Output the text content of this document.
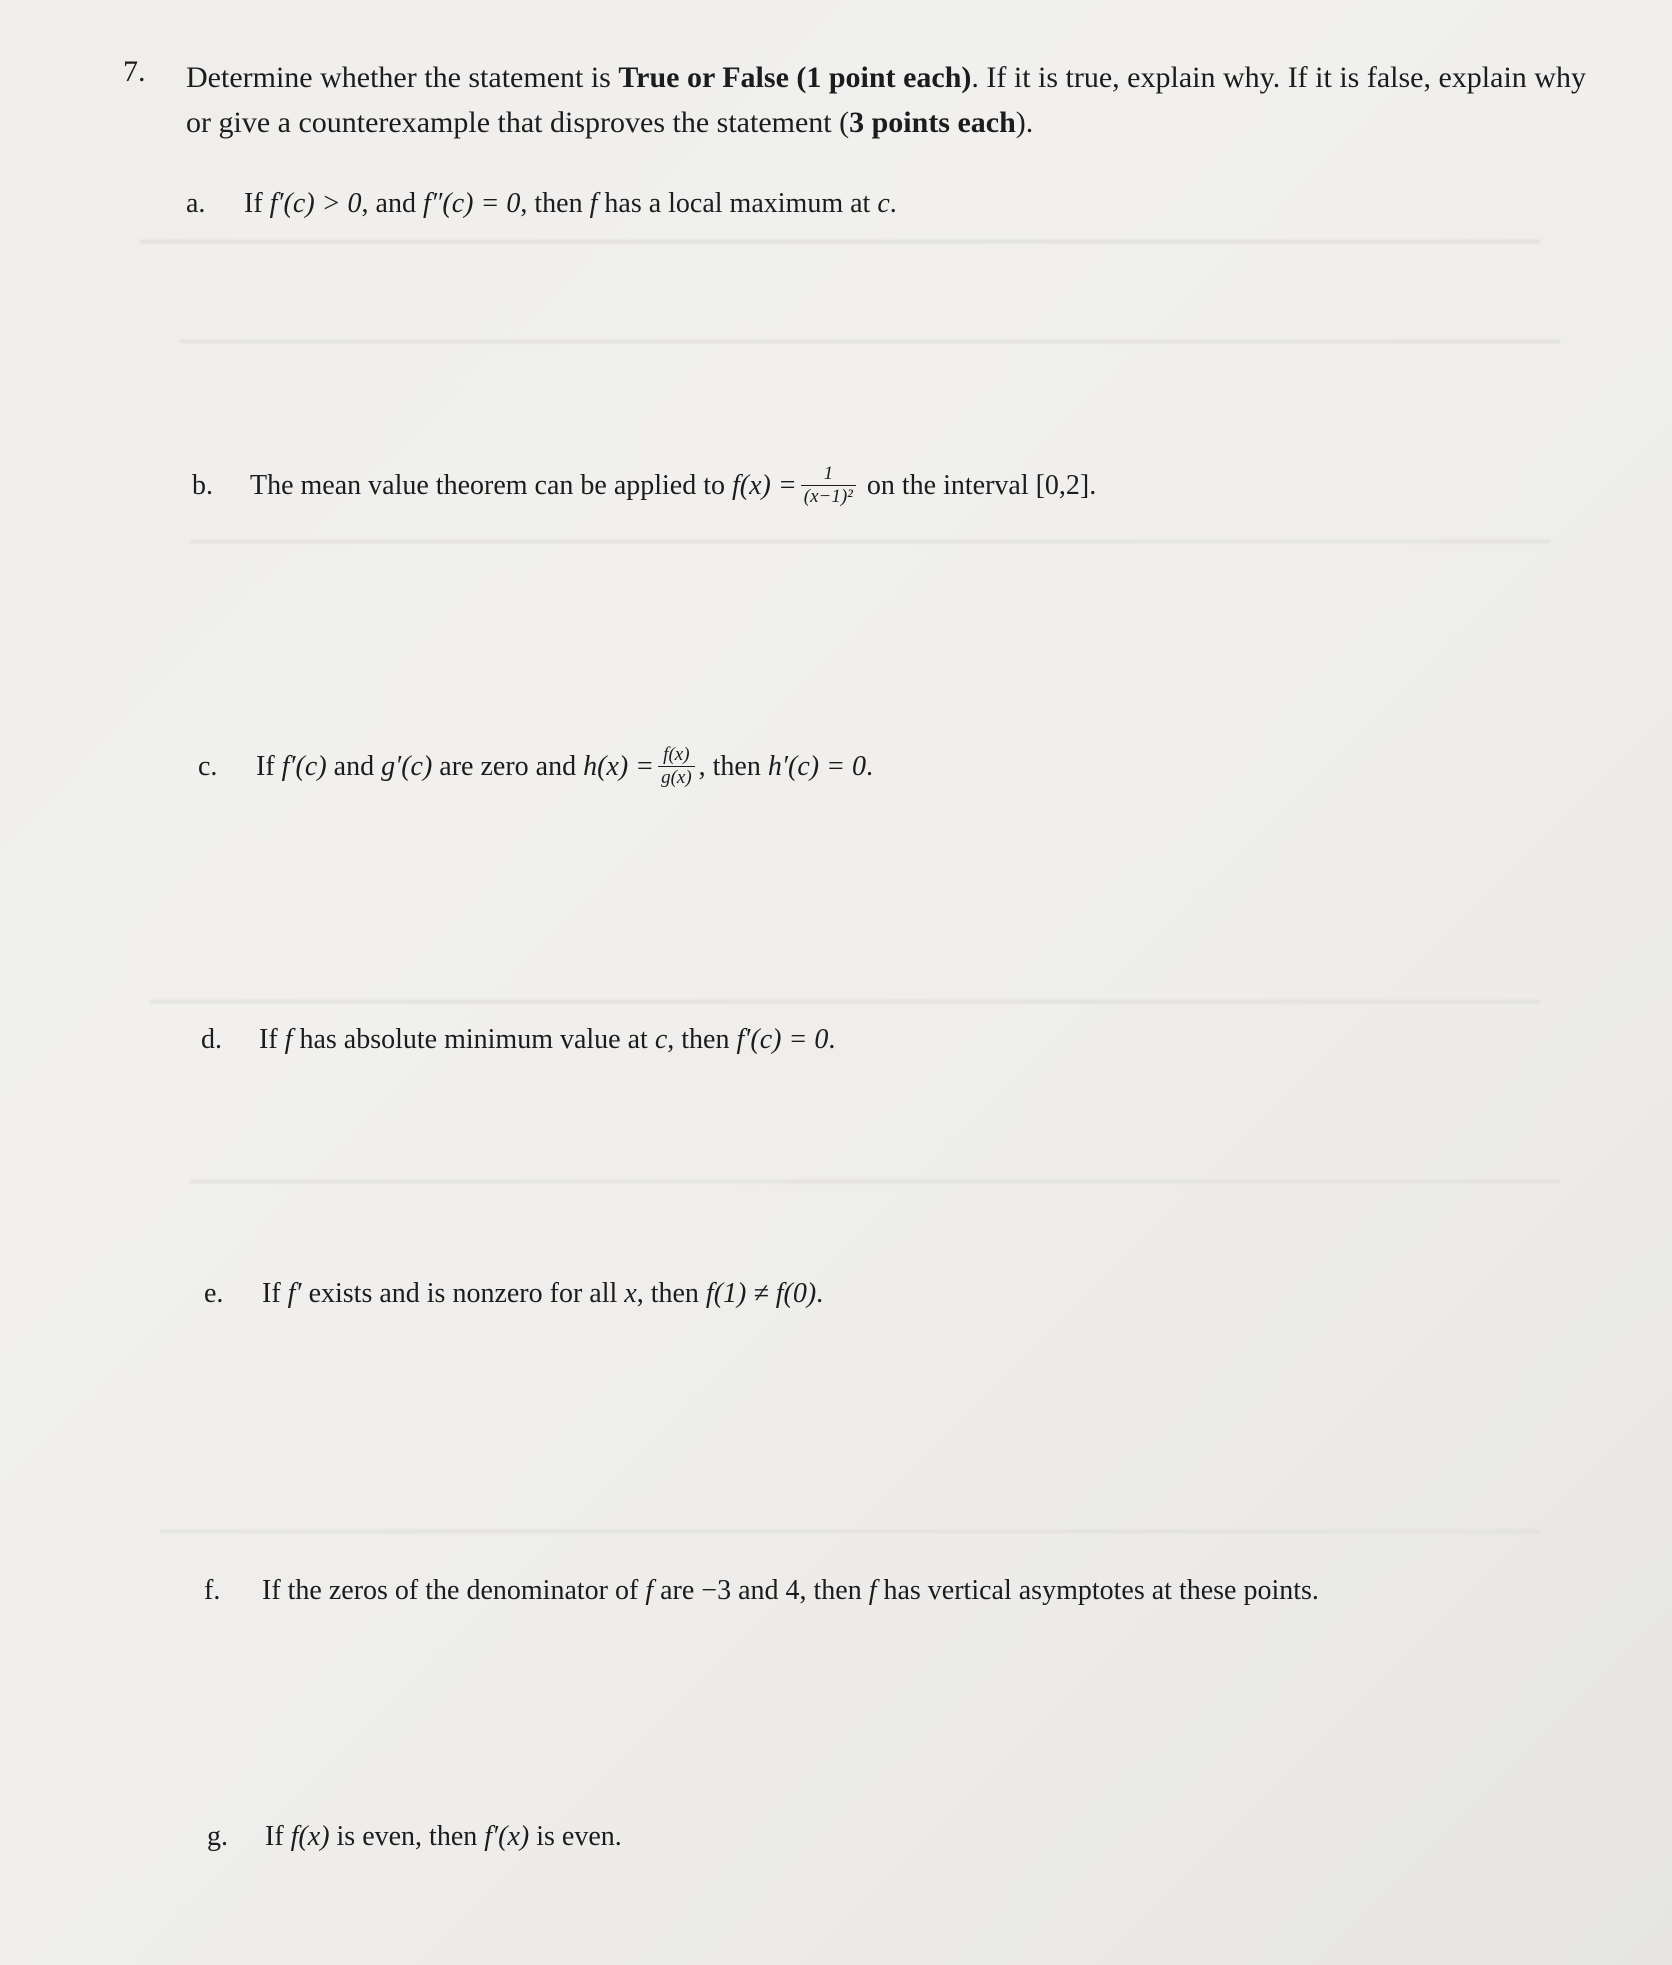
7. Determine whether the statement is True or False (1 point each). If it is true, explain why. If it is false, explain why or give a counterexample that disproves the statement (3 points each).
a. If f′(c) > 0, and f″(c) = 0, then f has a local maximum at c.
b. The mean value theorem can be applied to $f(x) = \frac{1}{\text{(x−1)²}}$ on the interval [0,2].
c. If f′(c) and g′(c) are zero and $h(x) = \frac{f(x)}{g(x)}$ , then h′(c) = 0.
d. If f has absolute minimum value at c, then f′(c) = 0.
e. If f′ exists and is nonzero for all x, then f(1) ≠ f(0).
f. If the zeros of the denominator of f are −3 and 4, then f has vertical asymptotes at these points.
g. If f(x) is even, then f′(x) is even.
